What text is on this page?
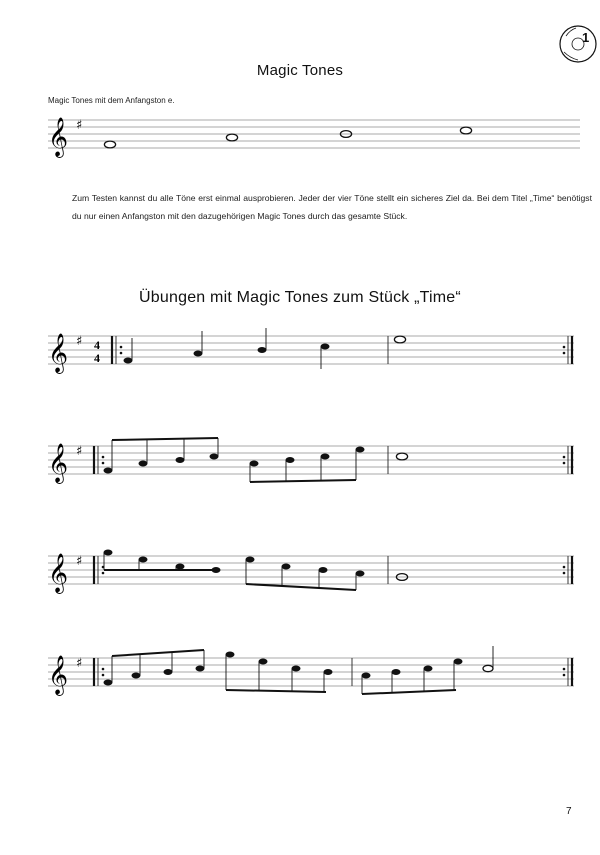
1
Magic Tones
Magic Tones mit dem Anfangston e.
𝄞 ♯
Zum Testen kannst du alle Töne erst einmal ausprobieren. Jeder der vier Töne stellt ein sicheres Ziel da. Bei dem Titel „Time“ benötigst du nur einen Anfangston mit den dazugehörigen Magic Tones durch das gesamte Stück.
Übungen mit Magic Tones zum Stück „Time“
𝄞 ♯ 4
4
𝄞 ♯
𝄞 ♯
𝄞 ♯
7
